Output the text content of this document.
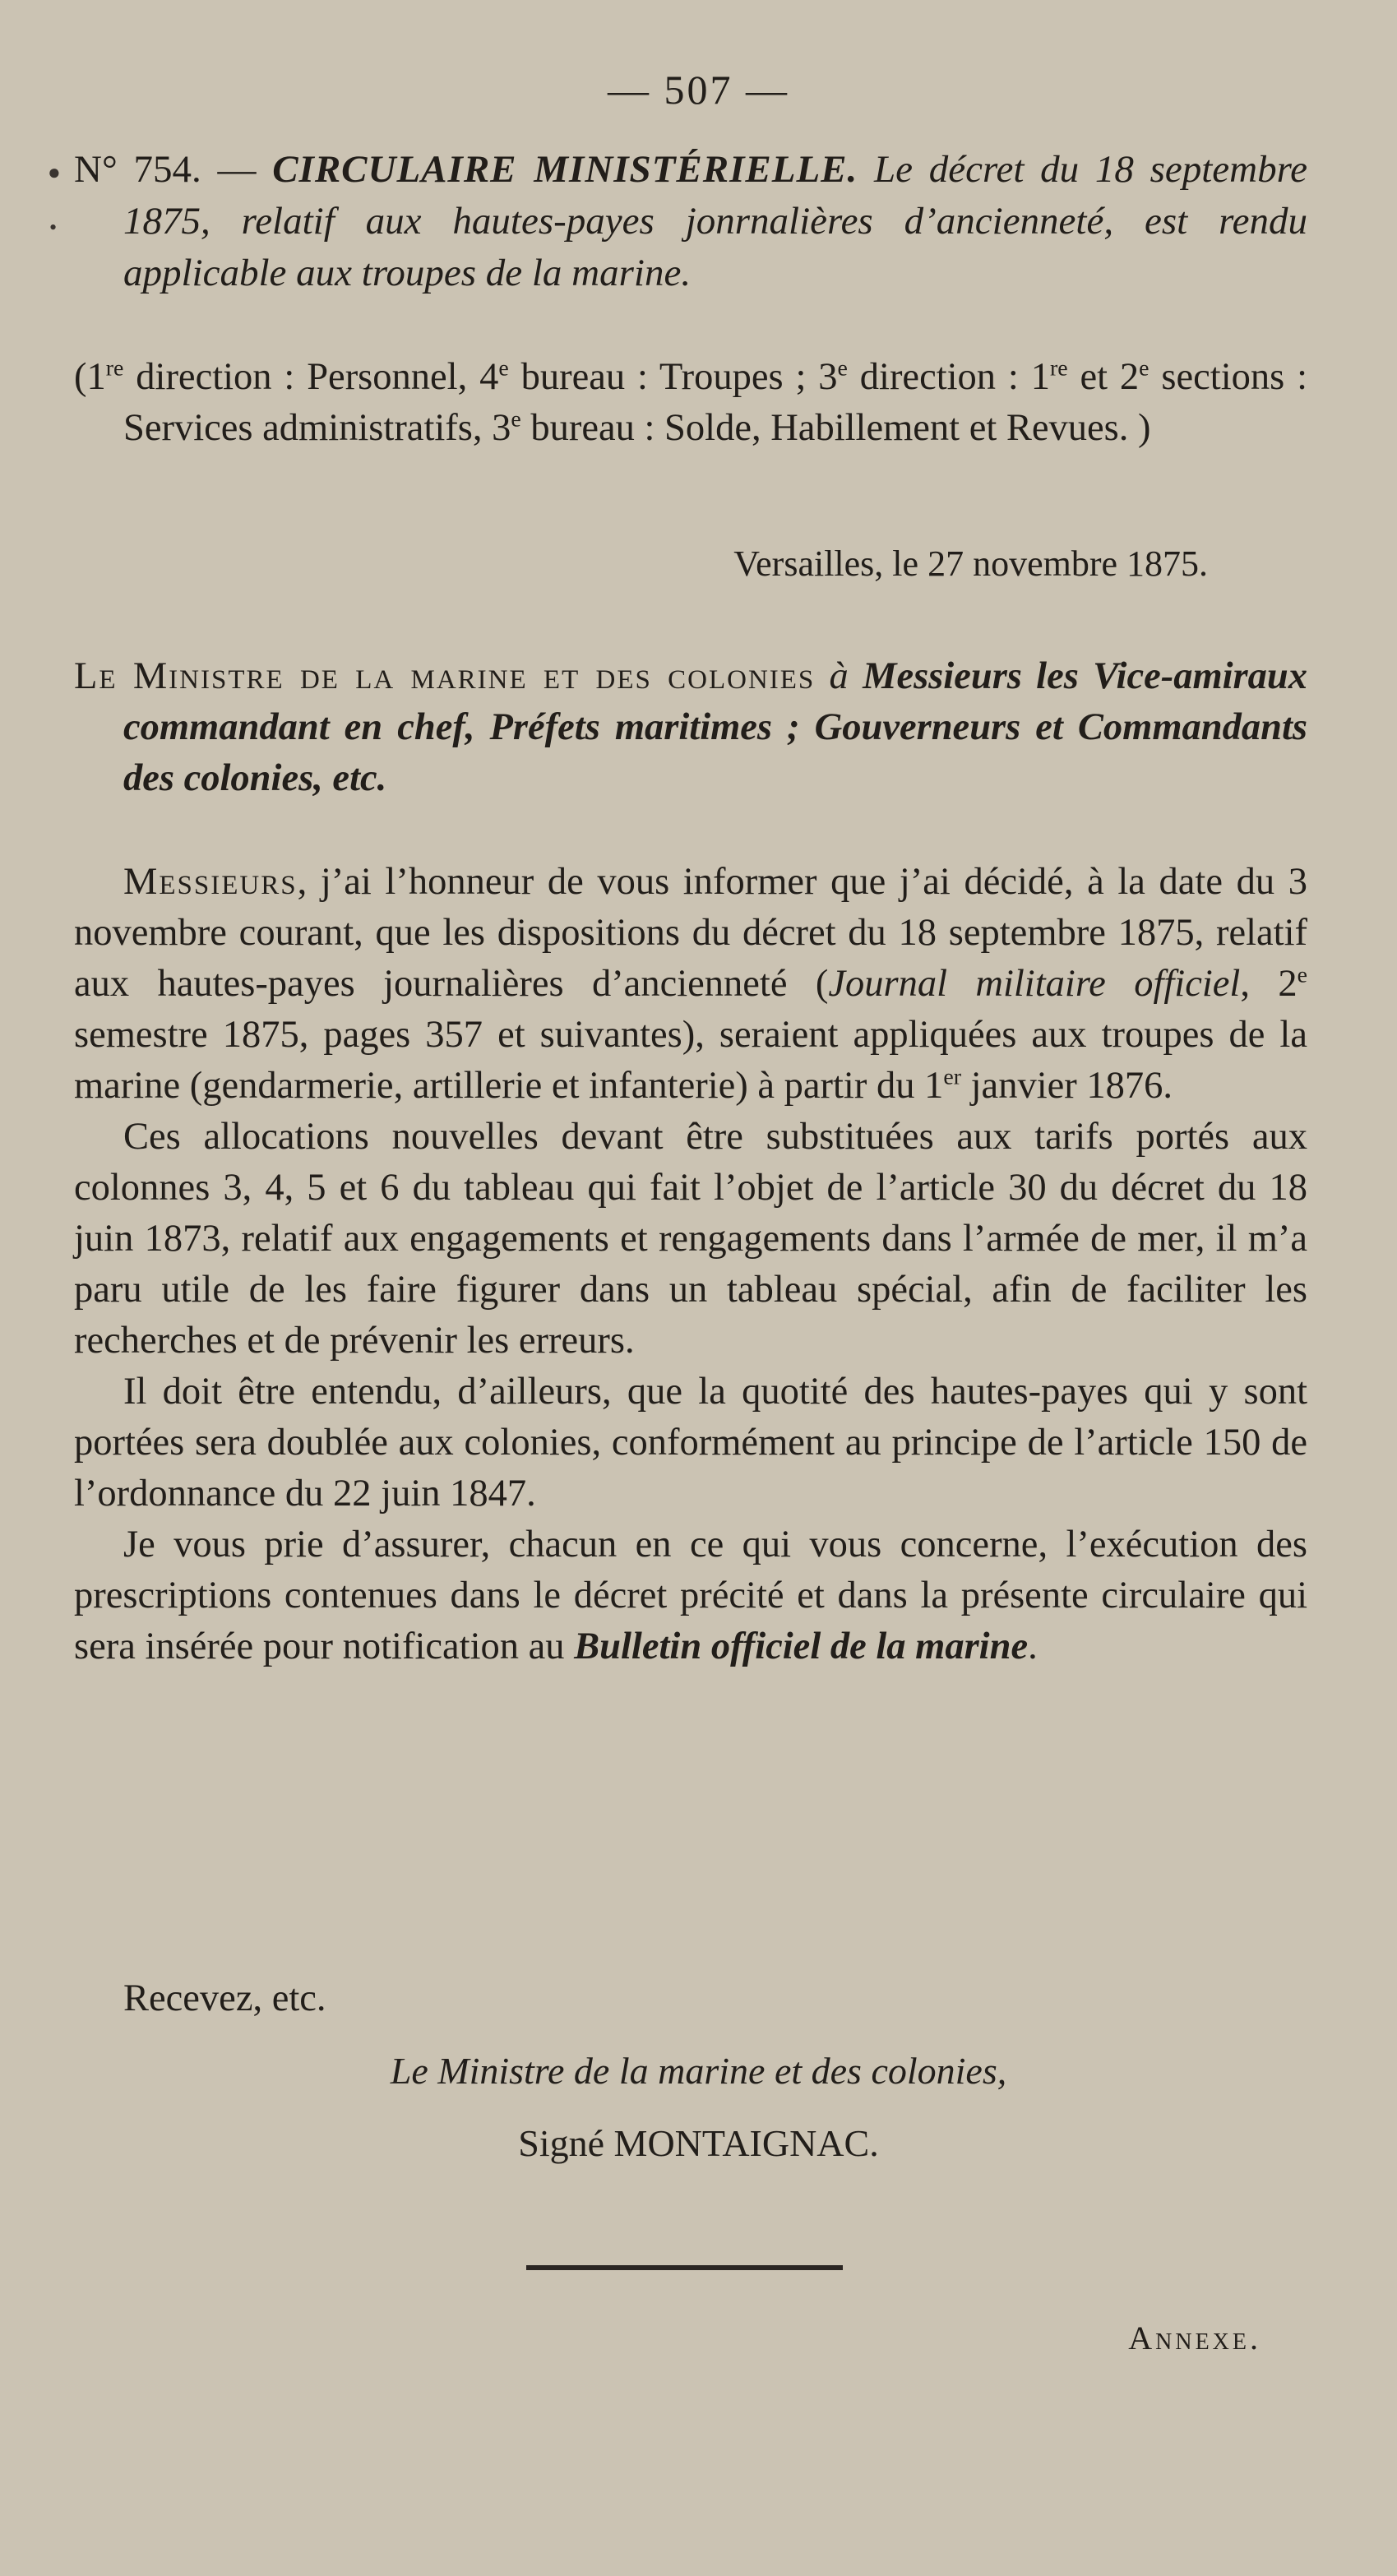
— 507 —
●
•
N° 754. — CIRCULAIRE MINISTÉRIELLE. Le décret du 18 septembre 1875, relatif aux hautes-payes jonrnalières d’ancienneté, est rendu applicable aux troupes de la marine.
(1re direction : Personnel, 4e bureau : Troupes ; 3e direction : 1re et 2e sections : Services administratifs, 3e bureau : Solde, Habillement et Revues. )
Versailles, le 27 novembre 1875.
Le Ministre de la marine et des colonies à Messieurs les Vice-amiraux commandant en chef, Préfets maritimes ; Gouverneurs et Commandants des colonies, etc.

Messieurs, j’ai l’honneur de vous informer que j’ai décidé, à la date du 3 novembre courant, que les dispositions du décret du 18 septembre 1875, relatif aux hautes-payes journalières d’ancienneté (Journal militaire officiel, 2e semestre 1875, pages 357 et suivantes), seraient appliquées aux troupes de la marine (gendarmerie, artillerie et infanterie) à partir du 1er janvier 1876.

Ces allocations nouvelles devant être substituées aux tarifs portés aux colonnes 3, 4, 5 et 6 du tableau qui fait l’objet de l’article 30 du décret du 18 juin 1873, relatif aux engagements et rengagements dans l’armée de mer, il m’a paru utile de les faire figurer dans un tableau spécial, afin de faciliter les recherches et de prévenir les erreurs.

Il doit être entendu, d’ailleurs, que la quotité des hautes-payes qui y sont portées sera doublée aux colonies, conformément au principe de l’article 150 de l’ordonnance du 22 juin 1847.

Je vous prie d’assurer, chacun en ce qui vous concerne, l’exécution des prescriptions contenues dans le décret précité et dans la présente circulaire qui sera insérée pour notification au Bulletin officiel de la marine.

Recevez, etc.
Le Ministre de la marine et des colonies,
Signé MONTAIGNAC.
Annexe.
